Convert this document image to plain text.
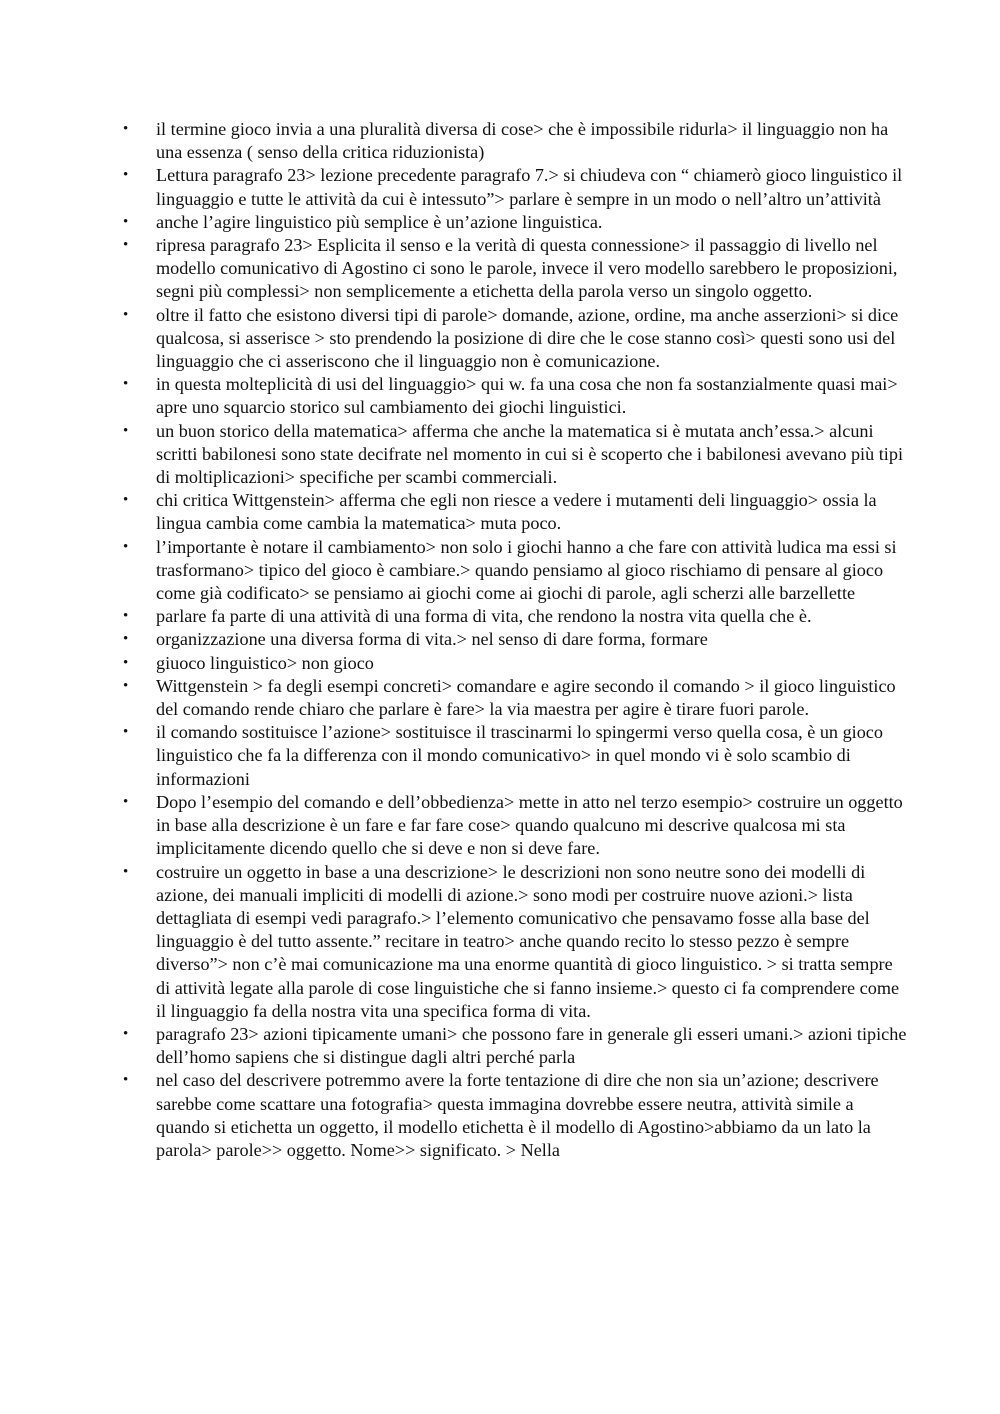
• il termine gioco invia a una pluralità diversa di cose> che è impossibile ridurla> il linguaggio non ha una essenza ( senso della critica riduzionista)
• Lettura paragrafo 23> lezione precedente paragrafo 7.> si chiudeva con “ chiamerò gioco linguistico il linguaggio e tutte le attività da cui è intessuto”> parlare è sempre in un modo o nell’altro un’attività
• anche l’agire linguistico più semplice è un’azione linguistica.
• ripresa paragrafo 23> Esplicita il senso e la verità di questa connessione> il passaggio di livello nel modello comunicativo di Agostino ci sono le parole, invece il vero modello sarebbero le proposizioni, segni più complessi> non semplicemente a etichetta della parola verso un singolo oggetto.
• oltre il fatto che esistono diversi tipi di parole> domande, azione, ordine, ma anche asserzioni> si dice qualcosa, si asserisce > sto prendendo la posizione di dire che le cose stanno così> questi sono usi del linguaggio che ci asseriscono che il linguaggio non è comunicazione.
• in questa molteplicità di usi del linguaggio> qui w. fa una cosa che non fa sostanzialmente quasi mai> apre uno squarcio storico sul cambiamento dei giochi linguistici.
• un buon storico della matematica> afferma che anche la matematica si è mutata anch’essa.> alcuni scritti babilonesi sono state decifrate nel momento in cui si è scoperto che i babilonesi avevano più tipi di moltiplicazioni> specifiche per scambi commerciali.
• chi critica Wittgenstein> afferma che egli non riesce a vedere i mutamenti deli linguaggio> ossia la lingua cambia come cambia la matematica> muta poco.
• l’importante è notare il cambiamento> non solo i giochi hanno a che fare con attività ludica ma essi si trasformano> tipico del gioco è cambiare.> quando pensiamo al gioco rischiamo di pensare al gioco come già codificato> se pensiamo ai giochi come ai giochi di parole, agli scherzi alle barzellette
• parlare fa parte di una attività di una forma di vita, che rendono la nostra vita quella che è.
• organizzazione una diversa forma di vita.> nel senso di dare forma, formare
• giuoco linguistico> non gioco
• Wittgenstein > fa degli esempi concreti> comandare e agire secondo il comando > il gioco linguistico del comando rende chiaro che parlare è fare> la via maestra per agire è tirare fuori parole.
• il comando sostituisce l’azione> sostituisce il trascinarmi lo spingermi verso quella cosa, è un gioco linguistico che fa la differenza con il mondo comunicativo> in quel mondo vi è solo scambio di informazioni
• Dopo l’esempio del comando e dell’obbedienza> mette in atto nel terzo esempio> costruire un oggetto in base alla descrizione è un fare e far fare cose> quando qualcuno mi descrive qualcosa mi sta implicitamente dicendo quello che si deve e non si deve fare.
• costruire un oggetto in base a una descrizione> le descrizioni non sono neutre sono dei modelli di azione, dei manuali impliciti di modelli di azione.> sono modi per costruire nuove azioni.> lista dettagliata di esempi vedi paragrafo.> l’elemento comunicativo che pensavamo fosse alla base del linguaggio è del tutto assente.” recitare in teatro> anche quando recito lo stesso pezzo è sempre diverso”> non c’è mai comunicazione ma una enorme quantità di gioco linguistico. > si tratta sempre di attività legate alla parole di cose linguistiche che si fanno insieme.> questo ci fa comprendere come il linguaggio fa della nostra vita una specifica forma di vita.
• paragrafo 23> azioni tipicamente umani> che possono fare in generale gli esseri umani.> azioni tipiche dell’homo sapiens che si distingue dagli altri perché parla
• nel caso del descrivere potremmo avere la forte tentazione di dire che non sia un’azione; descrivere sarebbe come scattare una fotografia> questa immagina dovrebbe essere neutra, attività simile a quando si etichetta un oggetto, il modello etichetta è il modello di Agostino>abbiamo da un lato la parola> parole>> oggetto. Nome>> significato. > Nella
